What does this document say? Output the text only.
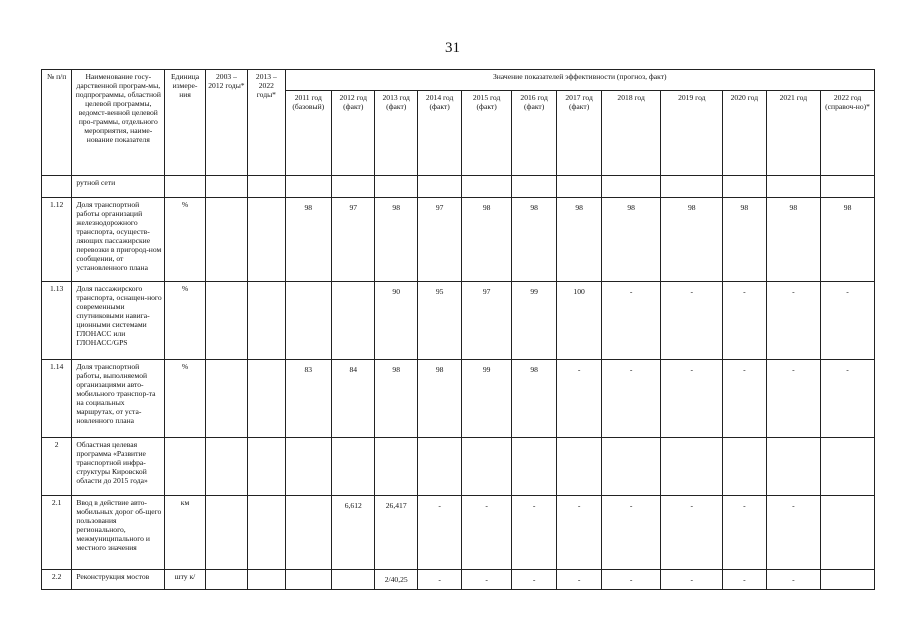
31
№ п/п	Наименование госу-дарственной програм-мы, подпрограммы, областной целевой программы, ведомст-венной целевой про-граммы, отдельного мероприятия, наиме-нование показателя	Единица измере-ния	2003 – 2012 годы*	2013 – 2022 годы*	Значение показателей эффективности (прогноз, факт)											
					2011 год (базовый)	2012 год (факт)	2013 год (факт)	2014 год (факт)	2015 год (факт)	2016 год (факт)	2017 год (факт)	2018 год	2019 год	2020 год	2021 год	2022 год (справоч-но)*
	рутной сети															
1.12	Доля транспортной работы организаций железнодорожного транспорта, осуществ-ляющих пассажирские перевозки в пригород-ном сообщении, от установленного плана	%			98	97	98	97	98	98	98	98	98	98	98	98
1.13	Доля пассажирского транспорта, оснащен-ного современными спутниковыми навига-ционными системами ГЛОНАСС или ГЛОНАСС/GPS	%					90	95	97	99	100	-	-	-	-	-
1.14	Доля транспортной работы, выполняемой организациями авто-мобильного транспор-та на социальных маршрутах, от уста-новленного плана	%			83	84	98	98	99	98	-	-	-	-	-	-
2	Областная целевая программа «Развитие транспортной инфра-структуры Кировской области до 2015 года»															
2.1	Ввод в действие авто-мобильных дорог об-щего пользования регионального, межмуниципального и местного значения	км				6,612	26,417	-	-	-	-	-	-	-	-	
2.2	Реконструкция мостов	шту к/					2/40,25	-	-	-	-	-	-	-	-	
